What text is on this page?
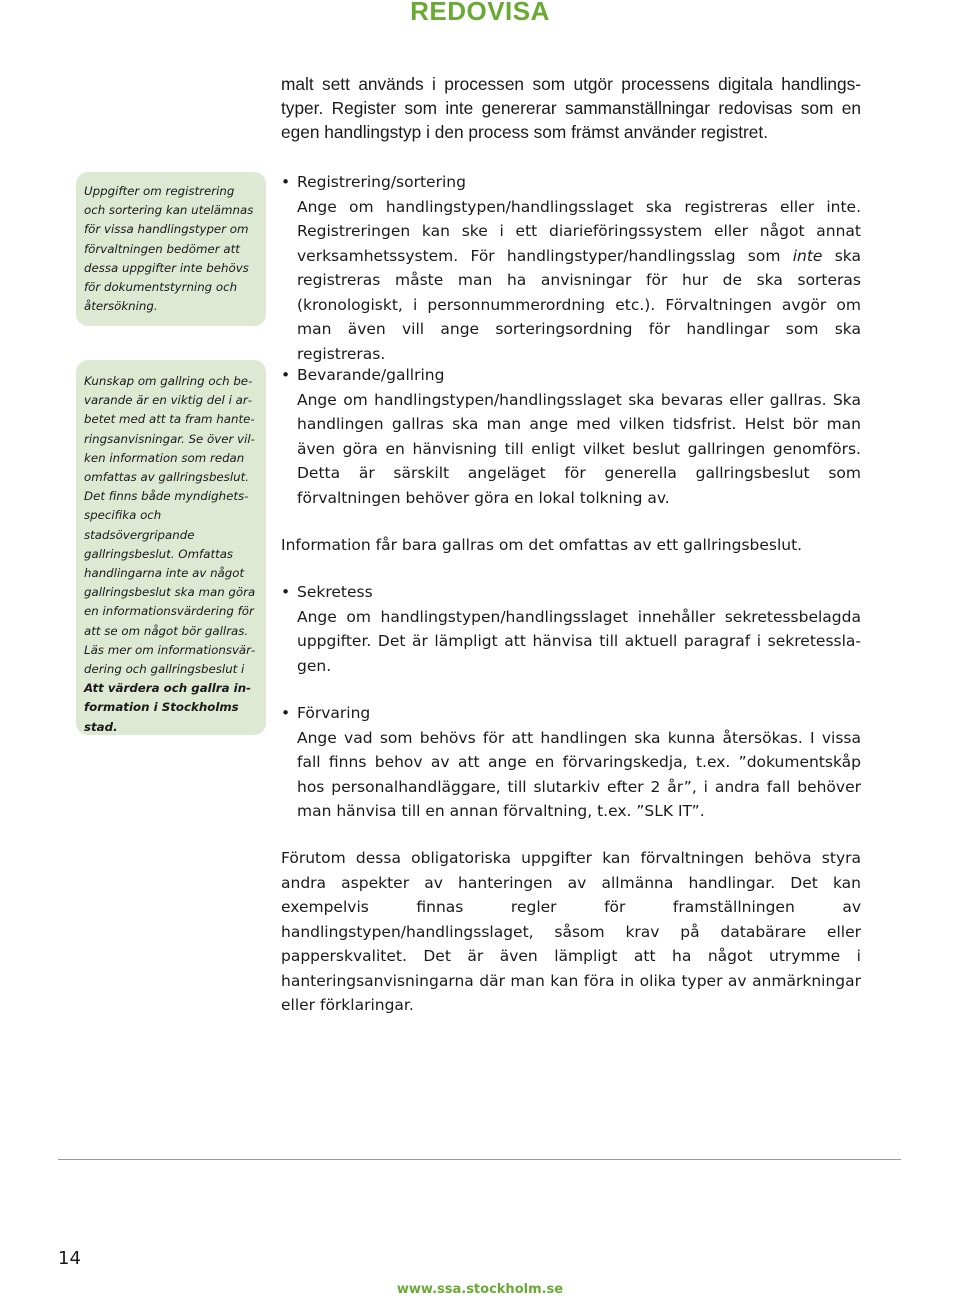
REDOVISA

malt sett används i processen som utgör processens digitala handlingstyper. Register som inte genererar sammanställningar redovisas som en egen handlingstyp i den process som främst använder registret.

Uppgifter om registrering och sortering kan utelämnas för vissa handlingstyper om förvaltningen bedömer att dessa uppgifter inte behövs för dokumentstyrning och återsökning.

Kunskap om gallring och bevarande är en viktig del i arbetet med att ta fram hanteringsanvisningar. Se över vilken information som redan omfattas av gallringsbeslut. Det finns både myndighetsspecifika och stadsövergripande gallringsbeslut. Omfattas handlingarna inte av något gallringsbeslut ska man göra en informationsvärdering för att se om något bör gallras. Läs mer om informationsvärdering och gallringsbeslut i Att värdera och gallra information i Stockholms stad.

• Registrering/sortering
Ange om handlingstypen/handlingsslaget ska registreras eller inte. Registreringen kan ske i ett diarieföringssystem eller något annat verksamhetssystem. För handlingstyper/handlingsslag som inte ska registreras måste man ha anvisningar för hur de ska sorteras (kronologiskt, i personnummerordning etc.). Förvaltningen avgör om man även vill ange sorteringsordning för handlingar som ska registreras.
• Bevarande/gallring
Ange om handlingstypen/handlingsslaget ska bevaras eller gallras. Ska handlingen gallras ska man ange med vilken tidsfrist. Helst bör man även göra en hänvisning till enligt vilket beslut gallringen genomförs. Detta är särskilt angeläget för generella gallringsbeslut som förvaltningen behöver göra en lokal tolkning av.

Information får bara gallras om det omfattas av ett gallringsbeslut.

• Sekretess
Ange om handlingstypen/handlingsslaget innehåller sekretessbelagda uppgifter. Det är lämpligt att hänvisa till aktuell paragraf i sekretesslagen.
• Förvaring
Ange vad som behövs för att handlingen ska kunna återsökas. I vissa fall finns behov av att ange en förvaringskedja, t.ex. ”dokumentskåp hos personalhandläggare, till slutarkiv efter 2 år”, i andra fall behöver man hänvisa till en annan förvaltning, t.ex. ”SLK IT”.

Förutom dessa obligatoriska uppgifter kan förvaltningen behöva styra andra aspekter av hanteringen av allmänna handlingar. Det kan exempelvis finnas regler för framställningen av handlingstypen/handlingsslaget, såsom krav på databärare eller papperskvalitet. Det är även lämpligt att ha något utrymme i hanteringsanvisningarna där man kan föra in olika typer av anmärkningar eller förklaringar.

14
www.ssa.stockholm.se
